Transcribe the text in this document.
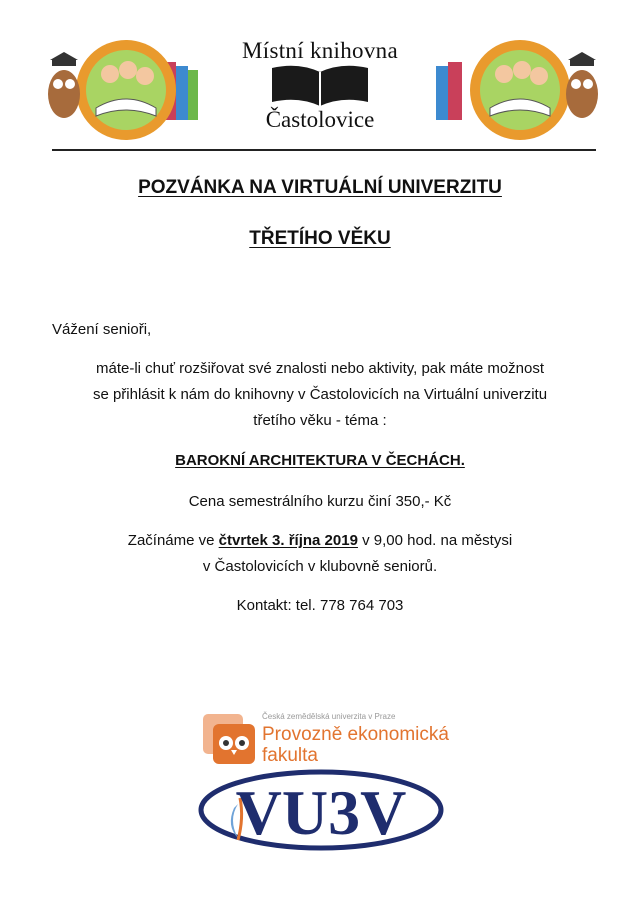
Místní knihovna
Častolovice
POZVÁNKA NA VIRTUÁLNÍ UNIVERZITU
TŘETÍHO VĚKU
Vážení senioři,
máte-li chuť rozšiřovat své znalosti nebo aktivity, pak máte možnost
se přihlásit k nám do knihovny v Častolovicích na Virtuální univerzitu
třetího věku - téma :
BAROKNÍ ARCHITEKTURA V ČECHÁCH.
Cena semestrálního kurzu činí 350,- Kč
Začínáme ve čtvrtek 3. října 2019 v 9,00 hod. na městysi
v Častolovicích v klubovně seniorů.
Kontakt: tel. 778 764 703
Česká zemědělská univerzita v Praze
Provozně ekonomická
fakulta
VU3V
